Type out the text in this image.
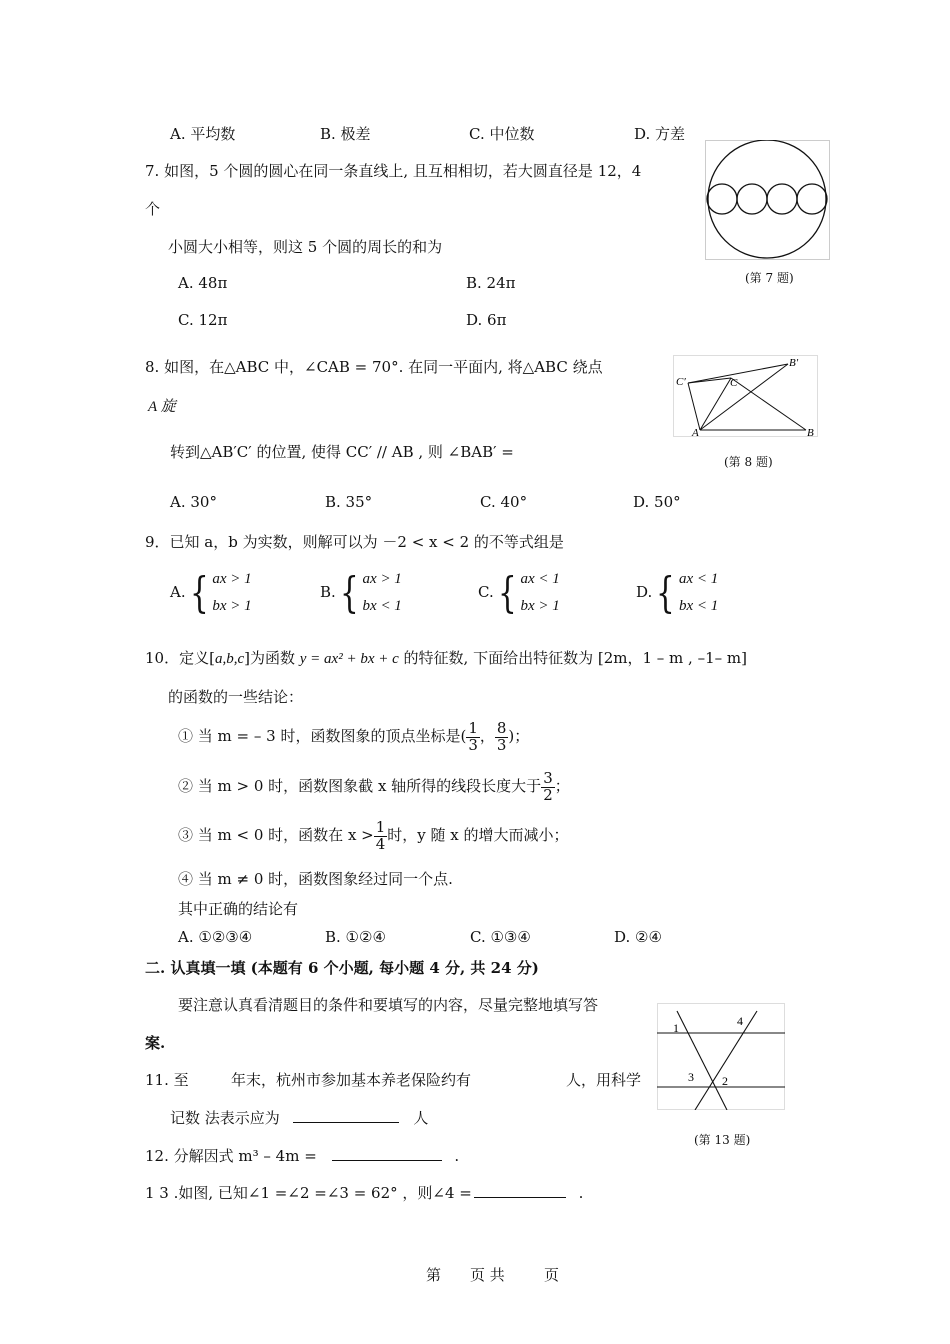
A. 平均数	B. 极差	C. 中位数	D. 方差
7. 如图，5 个圆的圆心在同一条直线上, 且互相相切，若大圆直径是 12，4
个
小圆大小相等，则这 5 个圆的周长的和为
A. 48π	B. 24π
C. 12π	D. 6π
(第 7 题)
8. 如图，在△ABC 中，∠CAB = 70°. 在同一平面内, 将△ABC 绕点
A 旋
转到△AB′C′ 的位置, 使得 CC′ // AB , 则 ∠BAB′ =
A. 30°	B. 35°	C. 40°	D. 50°
C′	C
B′
A	B
(第 8 题)
9．已知 a，b 为实数，则解可以为 －2 < x < 2 的不等式组是
A.{ ax > 1
bx > 1
B.{ ax > 1
bx < 1
C.{ ax < 1
bx > 1
D.{ ax < 1
bx < 1
10．定义[a,b,c]为函数 y = ax² + bx + c 的特征数, 下面给出特征数为 [2m，1 – m , –1– m]
的函数的一些结论：
① 当 m = – 3 时，函数图象的顶点坐标是( $\frac{1}{3}$ ， $\frac{8}{3}$ )；
② 当 m > 0 时，函数图象截 x 轴所得的线段长度大于 $\frac{3}{2}$ ；
③ 当 m < 0 时，函数在 $x > \frac{1}{4}$ 时，y 随 x 的增大而减小；
④ 当 m ≠ 0 时，函数图象经过同一个点.
其中正确的结论有
A. ①②③④	B. ①②④	C. ①③④	D. ②④
二. 认真填一填 (本题有 6 个小题, 每小题 4 分, 共 24 分)
要注意认真看清题目的条件和要填写的内容，尽量完整地填写答
案.
1	4
3 2
(第 13 题)
11. 至	年末，杭州市参加基本养老保险约有	人，用科学
记数 法表示应为	人
12. 分解因式 m³ – 4m =	.
1 3 .如图, 已知∠1 =∠2 =∠3 = 62° ，则∠4 =	.
第 页 共	页
